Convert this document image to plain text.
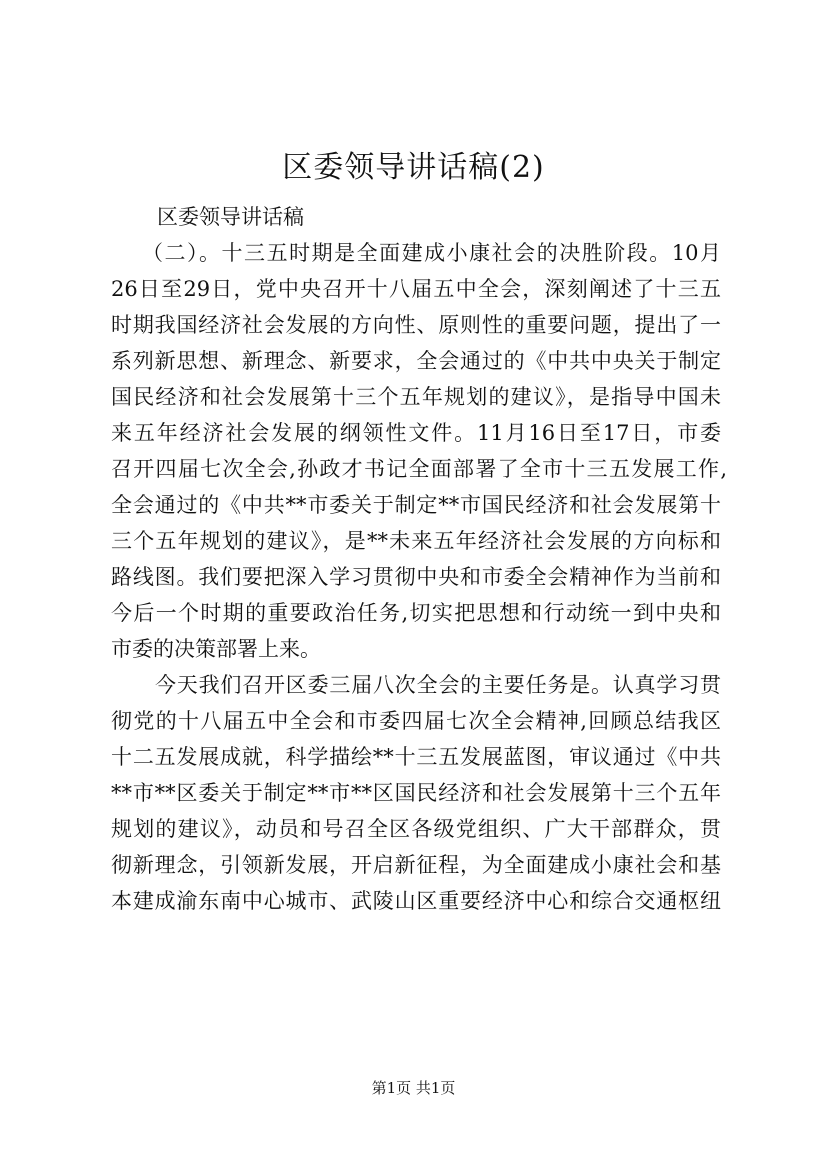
区委领导讲话稿(2)
区委领导讲话稿
（二）。十三五时期是全面建成小康社会的决胜阶段。10月
26日至29日，党中央召开十八届五中全会，深刻阐述了十三五
时期我国经济社会发展的方向性、原则性的重要问题，提出了一
系列新思想、新理念、新要求，全会通过的《中共中央关于制定
国民经济和社会发展第十三个五年规划的建议》，是指导中国未
来五年经济社会发展的纲领性文件。11月16日至17日，市委
召开四届七次全会,孙政才书记全面部署了全市十三五发展工作,
全会通过的《中共**市委关于制定**市国民经济和社会发展第十
三个五年规划的建议》，是**未来五年经济社会发展的方向标和
路线图。我们要把深入学习贯彻中央和市委全会精神作为当前和
今后一个时期的重要政治任务,切实把思想和行动统一到中央和
市委的决策部署上来。
今天我们召开区委三届八次全会的主要任务是。认真学习贯
彻党的十八届五中全会和市委四届七次全会精神,回顾总结我区
十二五发展成就，科学描绘**十三五发展蓝图，审议通过《中共
**市**区委关于制定**市**区国民经济和社会发展第十三个五年
规划的建议》，动员和号召全区各级党组织、广大干部群众，贯
彻新理念，引领新发展，开启新征程，为全面建成小康社会和基
本建成渝东南中心城市、武陵山区重要经济中心和综合交通枢纽
第1页 共1页
